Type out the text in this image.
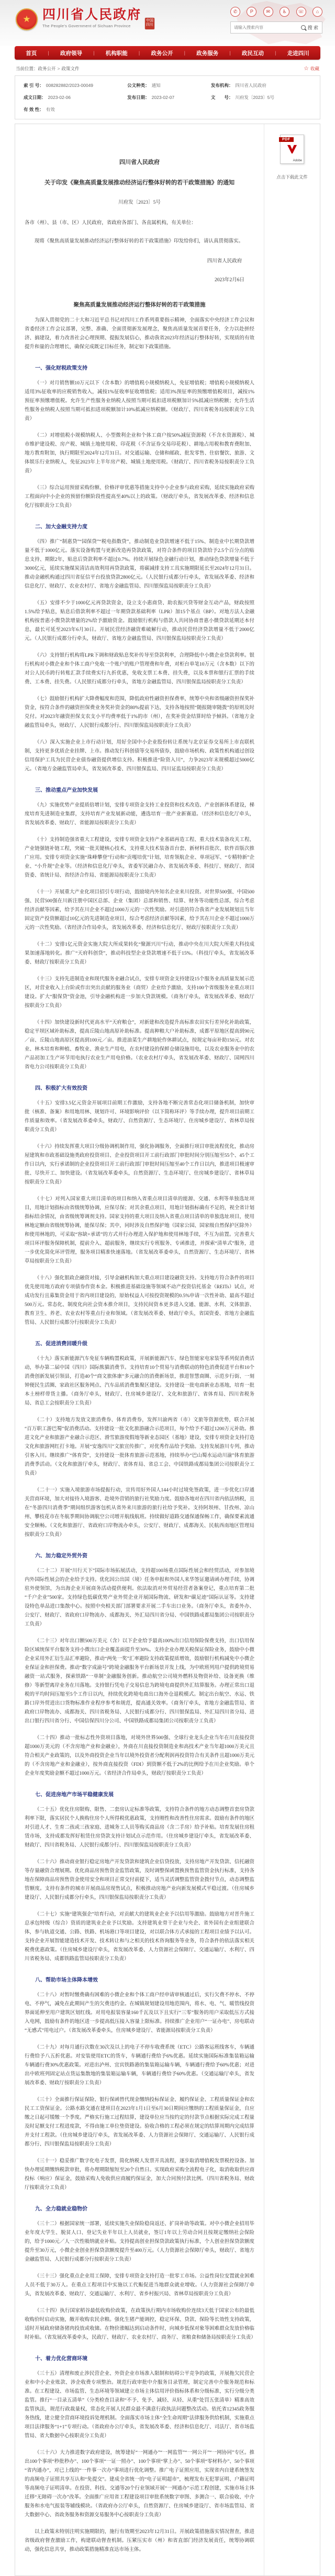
★ 四川省人民政府
The People's Government of Sichuan Province
中国四川
✆	P	✉	♿	☏	⌂
请输入搜索内容
搜 索
首页 | 政府领导 | 机构职能 | 政务公开 | 政务服务 | 政民互动 | 走进四川
当前位置：政务公开 > 政策文件	☆ 收藏
索 引 号： 008282882/2023-00049	公文种类： 通知	发布机构： 四川省人民政府
成文日期： 2023-02-06	发布日期： 2023-02-07	文　　号： 川府发〔2023〕5号
有 效 性： 有效
四川省人民政府
关于印发《聚焦高质量发展推动经济运行整体好转的若干政策措施》的通知
川府发〔2023〕5号
各市（州）、县（市、区）人民政府，省政府各部门、各直属机构，有关单位：
现将《聚焦高质量发展推动经济运行整体好转的若干政策措施》印发给你们，请认真贯彻落实。
四川省人民政府
2023年2月6日
聚焦高质量发展推动经济运行整体好转的若干政策措施

为深入贯彻党的二十大和习近平总书记对四川工作系列重要指示精神，全面落实中央经济工作会议和省委经济工作会议部署，完整、准确、全面贯彻新发展理念，聚焦高质量发展首要任务，全力以赴拼经济、搞建设，着力改善社会心理预期、提振发展信心，推动我省2023年经济运行整体好转，实现质的有效提升和量的合理增长，确保完成既定目标任务，制定如下政策措施。

一、强化财税政策支持

（一）对月销售额10万元以下（含本数）的增值税小规模纳税人，免征增值税；增值税小规模纳税人适用3%征收率的应税销售收入，减按1%征收率征收增值税；适用3%预征率的预缴增值税项目，减按1%预征率预缴增值税。允许生产性服务业纳税人按照当期可抵扣进项税额加计5%抵减应纳税额；允许生活性服务业纳税人按照当期可抵扣进项税额加计10%抵减应纳税额。（财政厅、四川省税务局按职责分工负责）

（二）对增值税小规模纳税人、小型微利企业和个体工商户按50%减征资源税（不含水资源税）、城市维护建设税、房产税、城镇土地使用税、印花税（不含证券交易印花税）、耕地占用税和教育费附加、地方教育附加，执行期限至2024年12月31日。对交通运输、仓储和邮政、批发零售、住宿餐饮、旅游、文体娱乐行业纳税人，免征2023年上半年房产税、城镇土地使用税。（财政厅、四川省税务局按职责分工负责）

（三）综合运用预留采购份额、价格评审优惠等措施支持中小企业参与政府采购，延续实施政府采购工程面向中小企业的预留份额阶段性提高至40%以上的政策。（财政厅牵头，省发展改革委、经济和信息化厅按职责分工负责）

二、加大金融支持力度

（四）推广“制惠贷”“园保贷”“税电指数贷”，推动制造业贷款增速不低于15%、制造业中长期贷款增量不低于1000亿元。落实设备购置与更新改造再贷款政策，对符合条件的项目贷款给予2.5个百分点的贴息支持、期限2年，贴息后贷款利率不超过0.7%。持续开展绿色金融行动计划，推动绿色贷款增量不低于3000亿元，延续实施煤炭清洁高效利用再贷款政策，将碳减排支持工具实施期限延长至2024年12月31日。推动金融机构通过四川省征信平台投放贷款2800亿元。（人民银行成都分行牵头，省发展改革委、经济和信息化厅、财政厅、农业农村厅、省地方金融监管局、四川银保监局按职责分工负责）

（五）安排不少于1000亿元再贷款资金，设立支小惠商贷、助农振兴贷等财金互动产品，财政按照1.5%给予贴息，贴息后借款利率不超过一年期贷款基础利率（LPR）加15个基点（BP）。对地方法人金融机构按普惠小微贷款增量的2%给予激励资金。鼓励银行机构与借款人共同协商普惠小微贷款延期还本付息，最长可延至2023年6月30日。开展民营经济融资难破解行动，推动民营经济贷款增量不低于2000亿元。（人民银行成都分行牵头，财政厅、省地方金融监管局、四川银保监局按职责分工负责）

（六）支持银行机构将LPR下调和财政贴息奖补传导至贷款利率，合理降低中小微企业贷款利率。银行机构对小微企业和个体工商户免收一个账户的账户管理费和年费，对柜台单笔10万元（含本数）以下的对公人民币跨行转账汇款手续费实行九折优惠，免收支票工本费、挂失费，以及本票和银行汇票的手续费、工本费、挂失费。（人民银行成都分行牵头，省地方金融监管局、四川银保监局按职责分工负责）

（七）鼓励银行机构扩大降费幅度和范围，降低政府性融资担保费率，统筹中央和省级融资担保奖补资金，按符合条件的融资担保费业务奖补资金的80%提前下达，支持各地按照“随报随审随拨”的原则及时兑付。对2023年融资担保支农支小平均费率低于1%的市（州），在奖补资金结算时给予倾斜。（省地方金融监管局牵头，财政厅、人民银行成都分行、四川银保监局按职责分工负责）

（八）深入实施企业上市行动计划，用好全国中小企业股份转让系统与北京证券交易所上市直联机制，支持更多优质企业挂牌、上市。推动发行科创债等交易所债券，鼓励市场机构、政策性机构通过创设信用保护工具为民营企业债券融资提供增信支持。积极推进“险资入川”，力争2023年末规模超过5000亿元。（省地方金融监管局牵头，省发展改革委、四川银保监局、四川证监局按职责分工负责）

三、推动重点产业加快发展

（九）实施优势产业提质倍增计划，安排专项资金支持工业投资和技术改造、产业创新体系建设，梯度培育先进制造业集群，支持培育产业发展新动能，遴选培育一批产业新赛道。（经济和信息化厅牵头，省发展改革委、财政厅、省能源局按职责分工负责）

（十）支持制造强省重大工程建设，安排专项资金支持产业基础再造工程、重大技术装备攻关工程、产业链强链补链工程，突破一批关键核心技术，支持重大技术装备首台套、新材料首批次、软件首版次推广应用。安排专项资金实施“珠峰攀登”行动和“贡嘎培优”计划，培育领航企业、单项冠军、“专精特新”企业、“小升规”企业等。（经济和信息化厅牵头，省委军民融合办、省发展改革委、科技厅、财政厅、省国资委、省统计局、省经济合作局、省能源局按职责分工负责）

（十一）开展重大产业化项目招引专项行动，鼓励境内外知名企业来川投资。对世界500强、中国500强、民营500强在川新注册中国区总部、企业（集团）总部和销售、结算、财务等功能性总部，综合考虑经济贡献等因素，给予其在川企业不超过1000万元的一次性奖励。对引进的符合我省产业发展规划且当年固定资产投资额超过10亿元的先进制造业项目，综合考虑经济贡献等因素，给予其在川企业不超过1000万元的一次性奖励。（省经济合作局牵头，省发展改革委、经济和信息化厅、财政厅按职责分工负责）

（十二）安排1亿元资金实施大院大所成果转化“聚源兴川”行动，推动中央在川大院大所重大科技成果加速落地转化。推广“天府科创贷”，推动科技型企业贷款增速不低于15%。（科技厅牵头，省发展改革委、财政厅按职责分工负责）

（十三）支持先进制造业和现代服务业融合试点，安排专项资金支持建设15个服务业高质量发展示范区，对营业收入上台阶或作出突出贡献的服务业（商贸）企业给予激励，支持100个省级服务业重点项目建设。扩大“服保贷”资金池，引导金融机构进一步加大贷款规模。（商务厅牵头，省发展改革委、财政厅按职责分工负责）

（十四）加快建设新时代更高水平“天府粮仓”，对新建和改造提升高标准农田实行差异化补助政策，稳定平坝区域补助标准，提高丘陵山地高原补助标准。提高种粮大户补助标准，成都平原地区提高到90元／亩、丘陵山地高原区提高到100元／亩。推进油菜生产耕地轮作休耕试点，按规定每亩补助150元。对农业、林木培育和种植、畜牧业、渔业生产用电，在农村建设的保鲜仓储设施用电，以及农业服务业中的农产品初加工生产环节用电执行农业生产用电价格。（农业农村厅牵头，省发展改革委、财政厅、国网四川省电力公司按职责分工负责）

四、积极扩大有效投资

（十五）安排3.5亿元资金开展项目前期工作激励，支持各地不断完善常态化项目储备机制，加快审批（核准、备案）和用地用林、规划许可、环境影响评价（以下简称环评）等手续办理，提升项目前期工作质量和效率。（省发展改革委牵头，财政厅、自然资源厅、生态环境厅、住房城乡建设厅、省林草局按职责分工负责）

（十六）持续发挥重大项目分级协调机制作用，强化协调服务，全面推行项目审批流程优化，推动房屋建筑和市政基础设施类政府投资项目、企业投资项目开工前行政部门审批时间分别压缩至55个、45个工作日以内，实行承诺制的企业投资项目开工前行政部门审批时间压缩至40个工作日以内，推进项目极速审批、尽快开工、加快建设。（省发展改革委牵头，自然资源厅、生态环境厅、住房城乡建设厅、省林草局按职责分工负责）

（十七）对列入国家重大项目清单的项目和纳入省重点项目清单的能源、交通、水利等单独选址项目，用地计划指标由省级统筹协调，应保尽保；对其余重点项目，用地计划指标确有不足的，视全省计划指标结余情况，由省级统筹调剂支持。国家支持的重大项目及纳入省重点项目清单的单独选址项目，使用林地定额由省级统筹协调，能保尽保；其中，同时涉及自然保护地（国家公园、国家级自然保护区除外）和使用林地的，可采取“容缺+承诺”的方式并行办理进入保护地和使用林地手续，不互为前置。完善重大项目环评服务保障机制，提前介入、超前服务，继续实行专班服务、专函推进，并探索“清单式”服务，进一步优化简化环评管理，服务项目精准快速落地。（省发展改革委牵头，自然资源厅、生态环境厅、省林草局按职责分工负责）

（十八）强化银政企融资对接，引导金融机构加大重点项目建设融资支持。支持地方符合条件的项目优先使用地方政府专项债券作资本金。积极推进基础设施等领域不动产投资信托基金（REITs）试点，对成功发行且募集资金用于省内项目建设的，原始权益人可按投资规模的0.5%申请一次性补助、最高不超过500万元。常态化、制度化向社会资本推介项目，支持民间资本更多进入交通、能源、水利、文体旅游、教育卫生、养老、农业农村等重点行业和领域。（省发展改革委、财政厅牵头，省国资委、省地方金融监管局、人民银行成都分行按职责分工负责）

五、促进消费回暖升级

（十九）落实新能源汽车免征车辆购置税政策，开展新能源汽车、绿色智能家电家装等系列促消费活动，举办第二届中国（四川）国际熊猫消费节。支持培育10个贸易与消费联动的特色消费促进平台和10个消费创新发展引领县，打造40个“商文旅体康”多元融合的消费新场景，推进智慧商圈、示范步行街、一刻钟便民生活圈、家政社区服务网点、汽车品质消费集聚区建设。支持建设一批电商新业态基地，培育一批本土榜样带货主播。（商务厅牵头，财政厅、住房城乡建设厅、文化和旅游厅、省体育局、四川省税务局、省总工会按职责分工负责）

（二十）支持地方发放文旅消费券、体育消费券，发挥川渝两省（市）文旅等资源优势，联合开展“百万职工游巴蜀”促消费活动。支持建设一批文化旅游融合示范项目，每个给予不超过1200万元补助。推进文化产业和旅游产业融合示范区、滑雪旅游度假地等新业态园区（基地）建设，安排专项资金支持打造文化和旅游网红打卡地。开展“安逸四川”文旅宣传推广，对优秀作品给予奖励。支持发展游川专列，推动引客入川。继续推广“体育贷”，支持建设一批体育旅游示范基地，持续举办“巴山蜀水运动川渝”体育旅游消费季活动。（文化和旅游厅牵头，财政厅、省体育局、省总工会、中国铁路成都局集团公司按职责分工负责）

（二十一）实施入境旅游市场提振行动，宣传用好外国人144小时过境免签政策，进一步优化口岸通关营商环境，加大对接待入境游客、赴境外营销的旅行社奖励力度。鼓励各地对在四川省内依法纳税，且在“冬游四川消费季”期间组织游客包机从省外来川旅游的旅行社给予奖补。支持阿坝州、甘孜州、凉山州、攀枝花市在冬航季期间协调航空公司增开航线航班。持续做好道路交通保通保畅工作，确保要素流通安全顺畅。（文化和旅游厅、省政府口岸物流办牵头，公安厅、财政厅、成都海关、民航西南地区管理局按职责分工负责）

六、加力稳定外贸外资

（二十二）开展“川行天下”国际市场拓展活动，支持超100场重点国际性展会和经贸活动，对参加境内外国际性展会的企业给予支持。优化因公出国（境）任务申报和外国人来华签证邀请函办理手续，协调驻外使领馆，为出海企业开展商务活动提供便利。依法取消对外贸易经营者备案登记，重点培育第二批“千户企业”500家。支持绿色低碳优势产业外贸企业开展国际物流、研发和“碳足迹”国际认证等。支持建设特色单品进口集散中心。按照中央相关部门部署要求开展二手车出口业务。（商务厅牵头，省委外办、公安厅、财政厅、省政府口岸物流办、成都海关、外汇局四川省分局、中国铁路成都局集团公司按职责分工负责）

（二十三）对年出口额500万美元（含）以下企业给予最高100%出口信用保险保费支持，出口信用保险区域统保平台服务支持小微出口企业覆盖面提升至30%。支持企业办理关税保证保险业务，鼓励中小微企业采用外汇衍生品汇率避险，推动“两免一奖”汇率避险支持政策提质增效，鼓励银行机构减免中小微企业保证金和担保费。推动“数字成渝号”跨境金融服务平台新场景开发上线，为中欧班列用户提供跨境贸易融资一站式服务，探索铁路“一单制”金融服务创新。推动航空公司境外燃料及物资补给、设备更换（维修）等新型离岸业务在川落地。支持银行凭电子交易信息为跨境电商提供外汇结算服务。办理正常出口退税的平均时间压缩至5个工作日以内，持续优化跨境电商出口海外仓退税模式。制定出台航空、水运、铁路口岸外贸进出口货物标准作业程序参考和规范，提高通关效率。（商务厅牵头，省地方金融监管局、省政府口岸物流办、成都海关、四川省税务局、人民银行成都分行、四川银保监局、外汇局四川省分局、进出口银行四川省分行、中国信保四川分公司、中国铁路成都局集团公司按职责分工负责）

（二十四）推动一批标志性外资项目落地，对境外世界500强、全球行业龙头企业当年在川直接投资超1000万美元的（不含房地产业和金融业），外商在川直接投资制造业和高技术产业当年超1000万美元且符合相关产业政策的，以及外商投资企业当年以境外投资者分配利润再投资符合有关条件且超1000万美元的（不含房地产业和金融业），按外商直接投资（FDI）到资额不低于2%的比例给予在川企业奖励。单个企业年度奖励金额不超过1000万元。（省经济合作局牵头，财政厅按职责分工负责）

七、促进房地产市场平稳健康发展

（二十五）优化住房限购、限售、二套房认定标准等政策，支持符合条件的地方动态调整首套房贷款利率下限，落实居民个人换购住房个人所得税优惠政策，支持刚性和改善性住房需求。鼓励有条件的地区对引进人才、生育二孩或三孩家庭、进城务工人员等购买商品房（含二手房）给予补贴。培育发展住房租赁市场，支持成都发挥好租赁住房贷款支持计划试点示范作用。（住房城乡建设厅牵头，省发展改革委、财政厅、四川省税务局、人民银行成都分行、四川银保监局按职责分工负责）

（二十六）推动商业银行稳定房地产开发贷款和建筑企业信贷投放，支持房地产开发贷款、信托融资等存量融资合理展期。优化商品房预售资金监管政策，及时调整保函置换预售监管资金执行标准，支持各地在保障商品房预售资金使用安全和项目正常交付前提下，适当灵活调整监管资金拨付节点，动态调整监管额度。支持有条件的城市开展商品房现售试点，积极推动房地产业向新发展模式平稳过渡。（住房城乡建设厅、人民银行成都分行牵头，四川银保监局按职责分工负责）

（二十七）实施“建筑强企”培育行动，对贡献大的建筑业企业予以信用等激励。鼓励地方对晋升施工总承包特级（综合）资质的建筑业企业予以奖励。支持建筑业骨干企业与央企、省外国有企业组建联合体，参与轨道交通、公路、铁路、机场港口等项目建设，对以联合体方式承接的工程项目业绩予以认可。支持企业开展智能建造技术开发、技术转让和与之相关的技术咨询服务等业务，符合条件的依法落实相关税费优惠政策。（住房城乡建设厅牵头，省发展改革委、人力资源社会保障厅、交通运输厅、水利厅、四川省税务局、成都铁路监管局按职责分工负责）

八、帮助市场主体降本增效

（二十八）对暂时缴费确有困难的小微企业和个体工商户经申请审核通过后，实行欠费不停水、不停电、不停气，减免在此期间产生的欠费违约金。在城镇规划建设用地范围内，将水、电、气、暖管线投资界面延伸至用户建筑区划红线。对用电报装容量160千瓦及以下且实行“三零”服务的用户采取低压方式接入电网，鼓励有条件的地区进一步提高低压接入容量上限标准。持续推广企业用户“一证办电”、房电联动“无感式”用电过户。（省发展改革委牵头，住房城乡建设厅、省能源局按职责分工负责）

（二十九）对每月通行次数在30次及以上的电子不停车收费系统（ETC）公路客运班线客车，车辆通行费给予八五折优惠。对安装使用ETC的货车，车辆通行费给予6%优惠。延续实施国际标准集装箱运输车辆通行费30%优惠政策。对进出泸州、宜宾铁路港的集装箱运输车辆，车辆通行费给予60%优惠；对进出中欧班列固定站点货运集散地的集装箱运输车辆，车辆通行费给予60%优惠。（交通运输厅牵头，省发展改革委、财政厅按职责分工负责）

（三十）全面推行保证保险、银行保函替代现金缴纳投标保证金、履约保证金、工程质量保证金和农民工工资保证金。公路水路交通在建项目在2023年1月1日至6月30日期间应缴纳的工程质量保证金，自应缴之日起可缓缴一个季度。严格实行施工过程结算，建设单位应当按约定的付款节点根据实际完成工程量及时足额支付工程进度款，不得由施工单位垫资建设。验收合格的工程必须在规定的结算周期内完成结算并支付工程款。（住房城乡建设厅牵头，省发展改革委、人力资源社会保障厅、交通运输厅、人民银行成都分行、四川银保监局按职责分工负责）

（三十一）稳妥推广数字化电子发票，简化纳税人发票开具流程，逐步取消增值税发票税控设备。加快办理延期缴纳税款审批，将办理期限缩短至20个自然日。实现政府采购全流程电子化，取消收取供应商投标（响应）保证金，鼓励采购人免收供应商履约保证金，加大合同预付款比例。（四川省税务局、财政厅按职责分工负责）

九、全力稳就业稳物价

（三十二）根据国家统一部署，延续实施失业保险稳岗返还、扩岗补助等政策。对中小微企业招用毕业年度大学生、脱贫人口、登记失业半年以上人员就业，签订1年以上劳动合同且按规定缴纳社会保险的，给予1000元／人一次性吸纳就业补贴。支持提高创业担保贷款政策执行标准，个人创业担保贷款额度提升至30万元，小微企业创业担保贷款额度提升至400万元。（人力资源社会保障厅牵头，财政厅、省地方金融监管局、人民银行成都分行按职责分工负责）

（三十三）强化重点企业用工保障，安排专项资金支持打造一批零工市场。公益性岗位安置就业困难人员不低于30万人。在重点工程项目中实施以工代赈促进当地群众就业增收。（人力资源社会保障厅牵头，省发展改革委、财政厅、交通运输厅、水利厅、省乡村振兴局、省林草局按职责分工负责）

（三十四）执行国家稻谷最低收购价政策，在政策执行期内市场收购价连续3天低于国家公布的最低收购价时启动实施，敞开收购农民余粮。强化生猪产能调控，稳定环保、贷款、保险等长效性支持政策，适时开展政府储备猪肉投放或收储。在物价涨幅达到启动条件时，向城乡低保对象等困难群众发放价格临时补贴。（省发展改革委牵头，民政厅、财政厅、农业农村厅、商务厅、省粮食和储备局按职责分工负责）

十、着力优化营商环境

（三十五）清理和废止涉民营企业、外资企业市场准入限制和妨碍公平竞争的政策，开展拖欠民营企业和中小企业账款、涉企收费专项整治。规范行政审批中介服务目录管理，制定完善中介服务规范和标准。在工程建设、市场监管、生态环境等领域建立市场主体信用评价指标体系和分级标准，实行分级分类监管。推行“一目录五清单”（分类检查目录和“不予、免予、减轻、从轻、从重”处罚五张清单）精准高效监管执法，规范行政裁量权，常态化开展人民群众最不满意行政执法问题整改活动。依托省12345政务服务热线，建立健全营商环境投诉处理机制。全面落实市场主体“全生命周期”法律服务供给机制，实施重点项目法律服务“1+1”专项行动。（省政府办公厅牵头，省发展改革委、经济和信息化厅、司法厅、省市场监管局、省大数据中心按职责分工负责）

（三十六）大力推进数字政府建设，统筹建好“一网通办”“一网监管”“一网公开”“一网协同”专区。推出100个事项“秒批秒办”、100个事项“一证一照办”、100个事项“掌上办”、50个事项“零材料办”、50个事项“省内通办”，对已上线的“一件事一次办”事项进行优化调整。推广电子证照应用，实现省内自建系统签发的高频电子证照共享互认和“免提交”。建成全省统一的“电子证明超市”，梳理发布无犯罪证明、户籍证明等高频电子证明清单。在投资、科技、交通等20个行业领域开展“一网通办”示范工程创建，实施市场主体迁移“无障碍一次办”改革。全面推广应用省工程建设项目审批系统数字审图、多测合一、联合验收、中介服务和水电气报装等辅线模块。（省政府办公厅牵头，自然资源厅、住房城乡建设厅、省市场监管局、省大数据中心、省政务服务和资源交易服务中心按职责分工负责）

以上政策未特别注明实施期限的，施行有效期至2023年12月31日。开展政策措施落实情况督查，推进省级政府督查激励工作，构建联动督查机制。压紧压实市（州）和省直部门经济发展责任，统筹协调联动，强化信息共享，推动政策措施精准直达市场主体。

PDF
Adobe
点击下载此文件
